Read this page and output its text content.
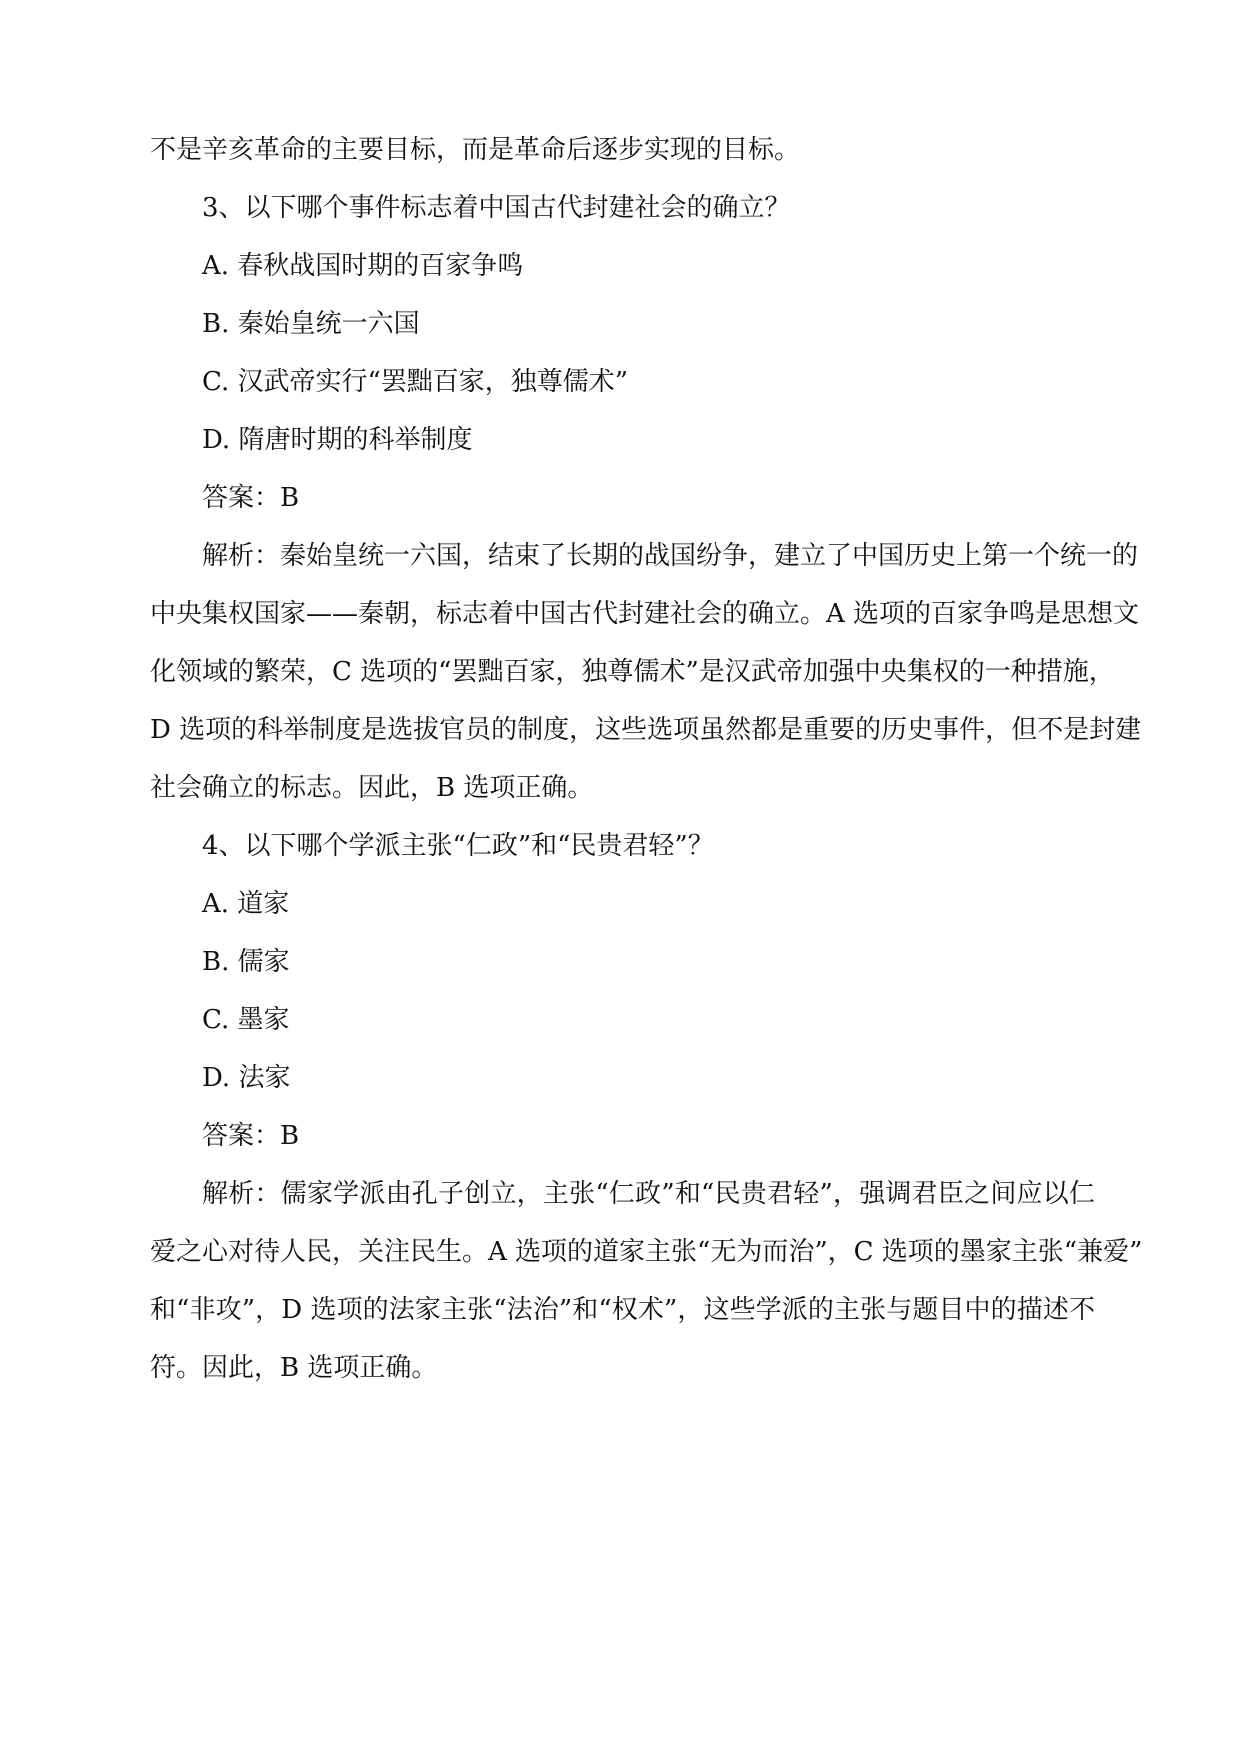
不是辛亥革命的主要目标，而是革命后逐步实现的目标。
3、以下哪个事件标志着中国古代封建社会的确立？
A. 春秋战国时期的百家争鸣
B. 秦始皇统一六国
C. 汉武帝实行“罢黜百家，独尊儒术”
D. 隋唐时期的科举制度
答案：B
解析：秦始皇统一六国，结束了长期的战国纷争，建立了中国历史上第一个统一的
中央集权国家——秦朝，标志着中国古代封建社会的确立。A 选项的百家争鸣是思想文
化领域的繁荣，C 选项的“罢黜百家，独尊儒术”是汉武帝加强中央集权的一种措施，
D 选项的科举制度是选拔官员的制度，这些选项虽然都是重要的历史事件，但不是封建
社会确立的标志。因此，B 选项正确。
4、以下哪个学派主张“仁政”和“民贵君轻”？
A. 道家
B. 儒家
C. 墨家
D. 法家
答案：B
解析：儒家学派由孔子创立，主张“仁政”和“民贵君轻”，强调君臣之间应以仁
爱之心对待人民，关注民生。A 选项的道家主张“无为而治”，C 选项的墨家主张“兼爱”
和“非攻”，D 选项的法家主张“法治”和“权术”，这些学派的主张与题目中的描述不
符。因此，B 选项正确。
